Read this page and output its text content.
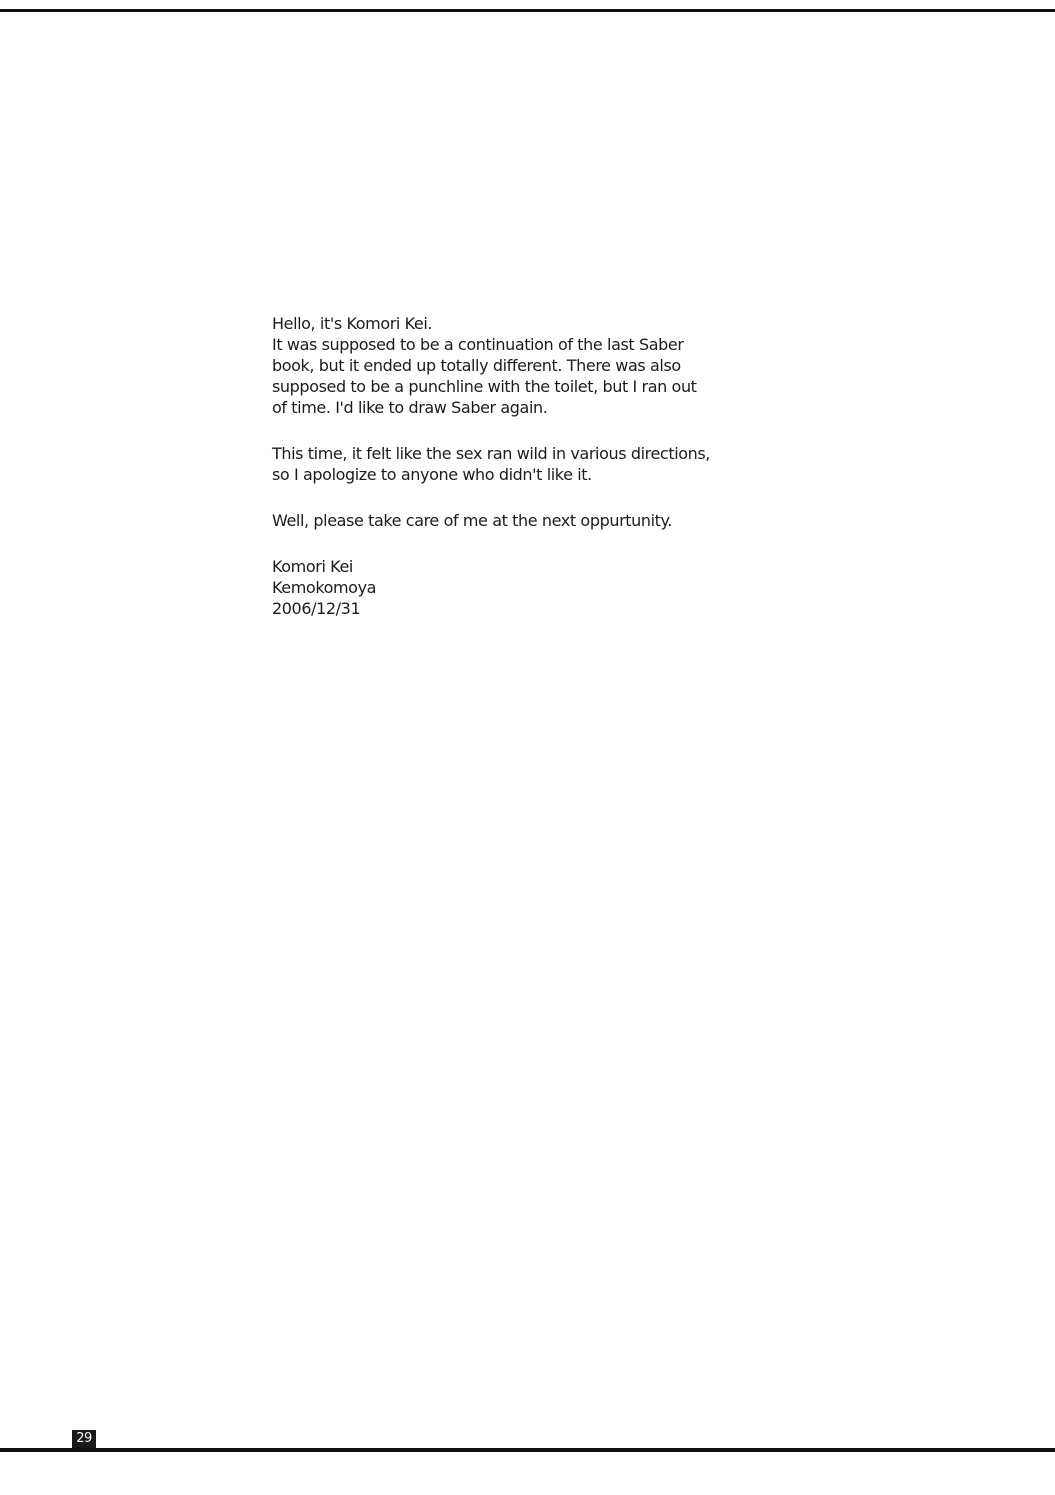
Hello, it's Komori Kei.

It was supposed to be a continuation of the last Saber
book, but it ended up totally different. There was also
supposed to be a punchline with the toilet, but I ran out
of time. I'd like to draw Saber again.

This time, it felt like the sex ran wild in various directions,
so I apologize to anyone who didn't like it.

Well, please take care of me at the next oppurtunity.

Komori Kei
Kemokomoya
2006/12/31

29
